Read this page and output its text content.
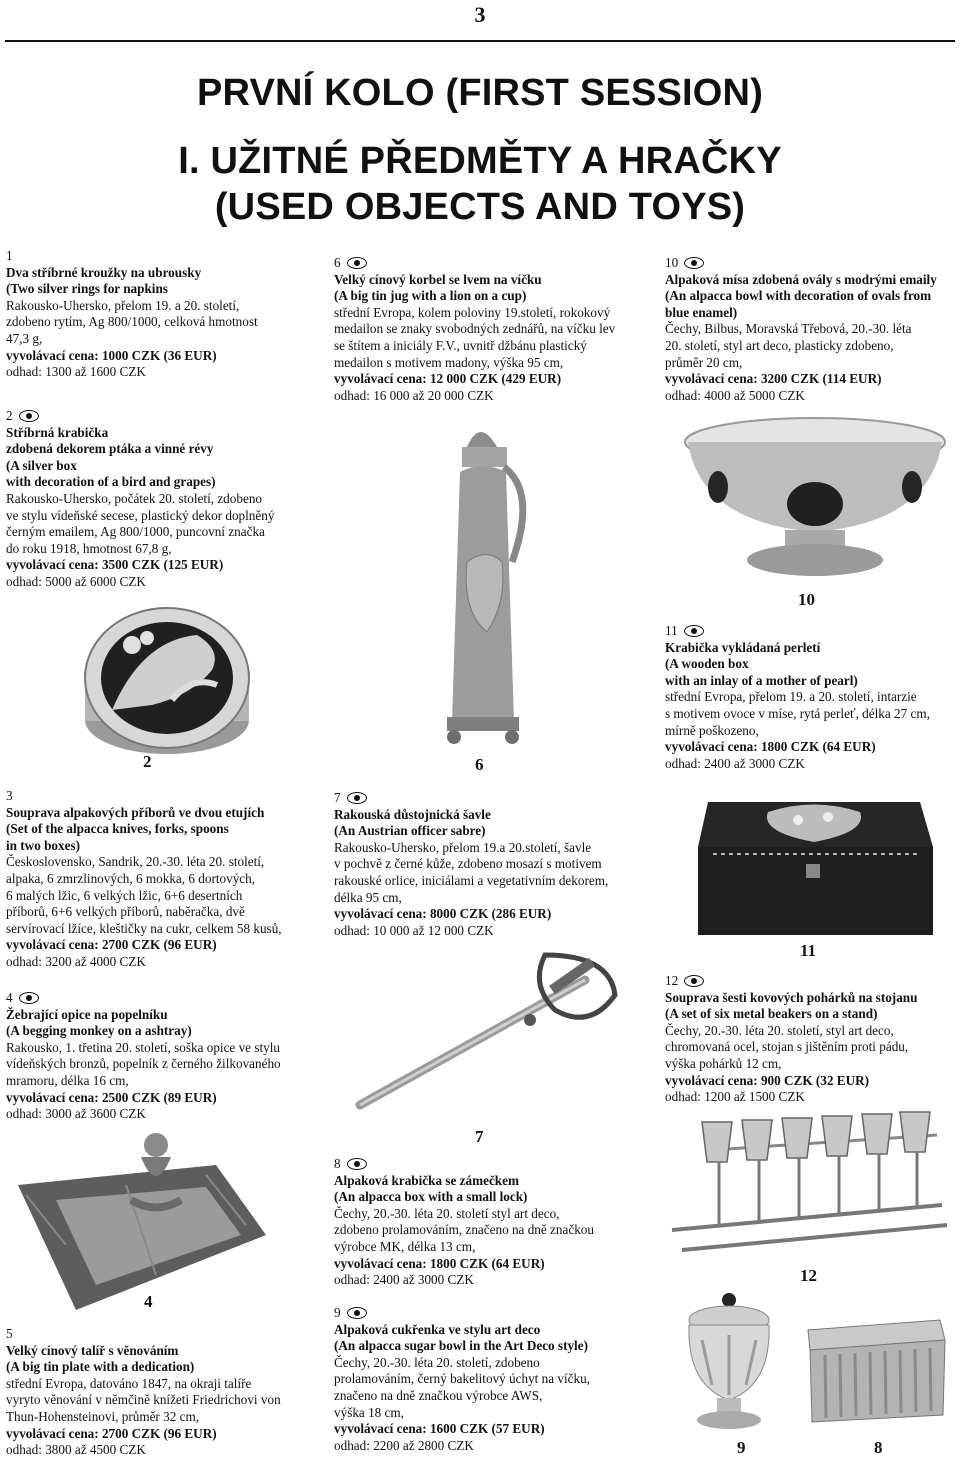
3
PRVNÍ KOLO (FIRST SESSION)
I. UŽITNÉ PŘEDMĚTY A HRAČKY
(USED OBJECTS AND TOYS)
1
Dva stříbrné kroužky na ubrousky
(Two silver rings for napkins
Rakousko-Uhersko, přelom 19. a 20. století,
zdobeno rytím, Ag 800/1000, celková hmotnost
47,3 g,
vyvolávací cena: 1000 CZK (36 EUR)
odhad: 1300 až 1600 CZK
2
Stříbrná krabička
zdobená dekorem ptáka a vinné révy
(A silver box
with decoration of a bird and grapes)
Rakousko-Uhersko, počátek 20. století, zdobeno
ve stylu vídeňské secese, plastický dekor doplněný
černým emailem, Ag 800/1000, puncovní značka
do roku 1918, hmotnost 67,8 g,
vyvolávací cena: 3500 CZK (125 EUR)
odhad: 5000 až 6000 CZK
3
Souprava alpakových příborů ve dvou etujích
(Set of the alpacca knives, forks, spoons
in two boxes)
Československo, Sandrik, 20.-30. léta 20. století,
alpaka, 6 zmrzlinových, 6 mokka, 6 dortových,
6 malých lžic, 6 velkých lžic, 6+6 desertních
příborů, 6+6 velkých příborů, naběračka, dvě
servírovací lžíce, kleštičky na cukr, celkem 58 kusů,
vyvolávací cena: 2700 CZK (96 EUR)
odhad: 3200 až 4000 CZK
4
Žebrající opice na popelníku
(A begging monkey on a ashtray)
Rakousko, 1. třetina 20. století, soška opice ve stylu
vídeňských bronzů, popelník z černého žilkovaného
mramoru, délka 16 cm,
vyvolávací cena: 2500 CZK (89 EUR)
odhad: 3000 až 3600 CZK
5
Velký cínový talíř s věnováním
(A big tin plate with a dedication)
střední Evropa, datováno 1847, na okraji talíře
vyryto věnování v němčině knížeti Friedrichovi von
Thun-Hohensteinovi, průměr 32 cm,
vyvolávací cena: 2700 CZK (96 EUR)
odhad: 3800 až 4500 CZK
6
Velký cínový korbel se lvem na víčku
(A big tin jug with a lion on a cup)
střední Evropa, kolem poloviny 19.století, rokokový
medailon se znaky svobodných zednářů, na víčku lev
se štítem a iniciály F.V., uvnitř džbánu plastický
medailon s motivem madony, výška 95 cm,
vyvolávací cena: 12 000 CZK (429 EUR)
odhad: 16 000 až 20 000 CZK
7
Rakouská důstojnická šavle
(An Austrian officer sabre)
Rakousko-Uhersko, přelom 19.a 20.století, šavle
v pochvě z černé kůže, zdobeno mosazí s motivem
rakouské orlice, iniciálami a vegetativním dekorem,
délka 95 cm,
vyvolávací cena: 8000 CZK (286 EUR)
odhad: 10 000 až 12 000 CZK
8
Alpaková krabička se zámečkem
(An alpacca box with a small lock)
Čechy, 20.-30. léta 20. století styl art deco,
zdobeno prolamováním, značeno na dně značkou
výrobce MK, délka 13 cm,
vyvolávací cena: 1800 CZK (64 EUR)
odhad: 2400 až 3000 CZK
9
Alpaková cukřenka ve stylu art deco
(An alpacca sugar bowl in the Art Deco style)
Čechy, 20.-30. léta 20. století, zdobeno
prolamováním, černý bakelitový úchyt na víčku,
značeno na dně značkou výrobce AWS,
výška 18 cm,
vyvolávací cena: 1600 CZK (57 EUR)
odhad: 2200 až 2800 CZK
10
Alpaková mísa zdobená ovály s modrými emaily
(An alpacca bowl with decoration of ovals from
blue enamel)
Čechy, Bilbus, Moravská Třebová, 20.-30. léta
20. století, styl art deco, plasticky zdobeno,
průměr 20 cm,
vyvolávací cena: 3200 CZK (114 EUR)
odhad: 4000 až 5000 CZK
11
Krabička vykládaná perletí
(A wooden box
with an inlay of a mother of pearl)
střední Evropa, přelom 19. a 20. století, intarzie
s motivem ovoce v míse, rytá perleť, délka 27 cm,
mírně poškozeno,
vyvolávací cena: 1800 CZK (64 EUR)
odhad: 2400 až 3000 CZK
12
Souprava šesti kovových pohárků na stojanu
(A set of six metal beakers on a stand)
Čechy, 20.-30. léta 20. století, styl art deco,
chromovaná ocel, stojan s jištěním proti pádu,
výška pohárků 12 cm,
vyvolávací cena: 900 CZK (32 EUR)
odhad: 1200 až 1500 CZK
2
4
6
7
10
11
12
9	8
